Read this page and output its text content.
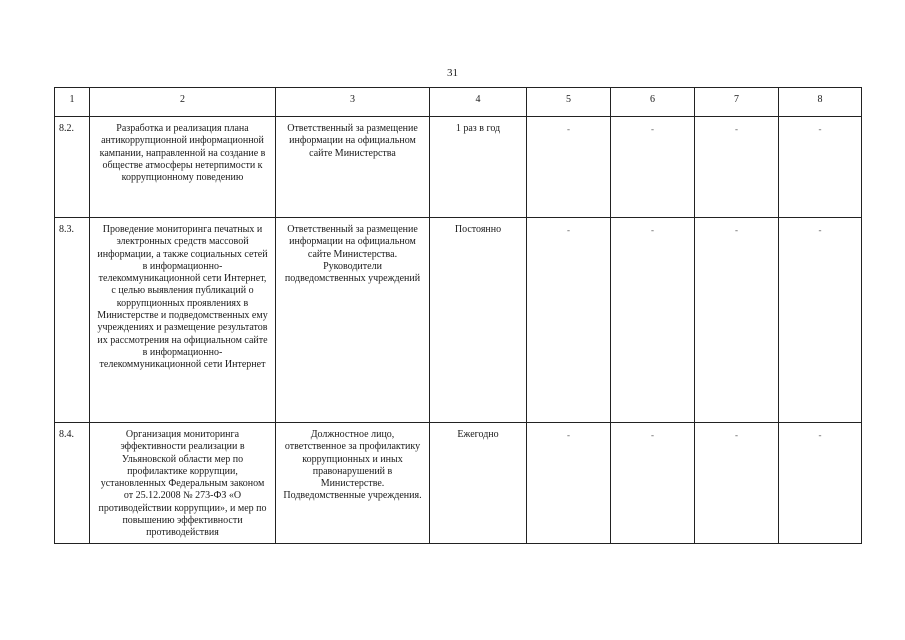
31
1	2	3	4	5	6	7	8
8.2.	Разработка и реализация плана антикоррупционной информационной кампании, направленной на создание в обществе атмосферы нетерпимости к коррупционному поведению	Ответственный за размещение информации на официальном сайте Министерства	1 раз в год	-	-	-	-
8.3.	Проведение мониторинга печатных и электронных средств массовой информации, а также социальных сетей в информационно-телекоммуникационной сети Интернет, с целью выявления публикаций о коррупционных проявлениях в Министерстве и подведомственных ему учреждениях и размещение результатов их рассмотрения на официальном сайте в информационно-телекоммуникационной сети Интернет	Ответственный за размещение информации на официальном сайте Министерства. Руководители подведомственных учреждений	Постоянно	-	-	-	-
8.4.	Организация мониторинга эффективности реализации в Ульяновской области мер по профилактике коррупции, установленных Федеральным законом от 25.12.2008 № 273-ФЗ «О противодействии коррупции», и мер по повышению эффективности противодействия	Должностное лицо, ответственное за профилактику коррупционных и иных правонарушений в Министерстве. Подведомственные учреждения.	Ежегодно	-	-	-	-
